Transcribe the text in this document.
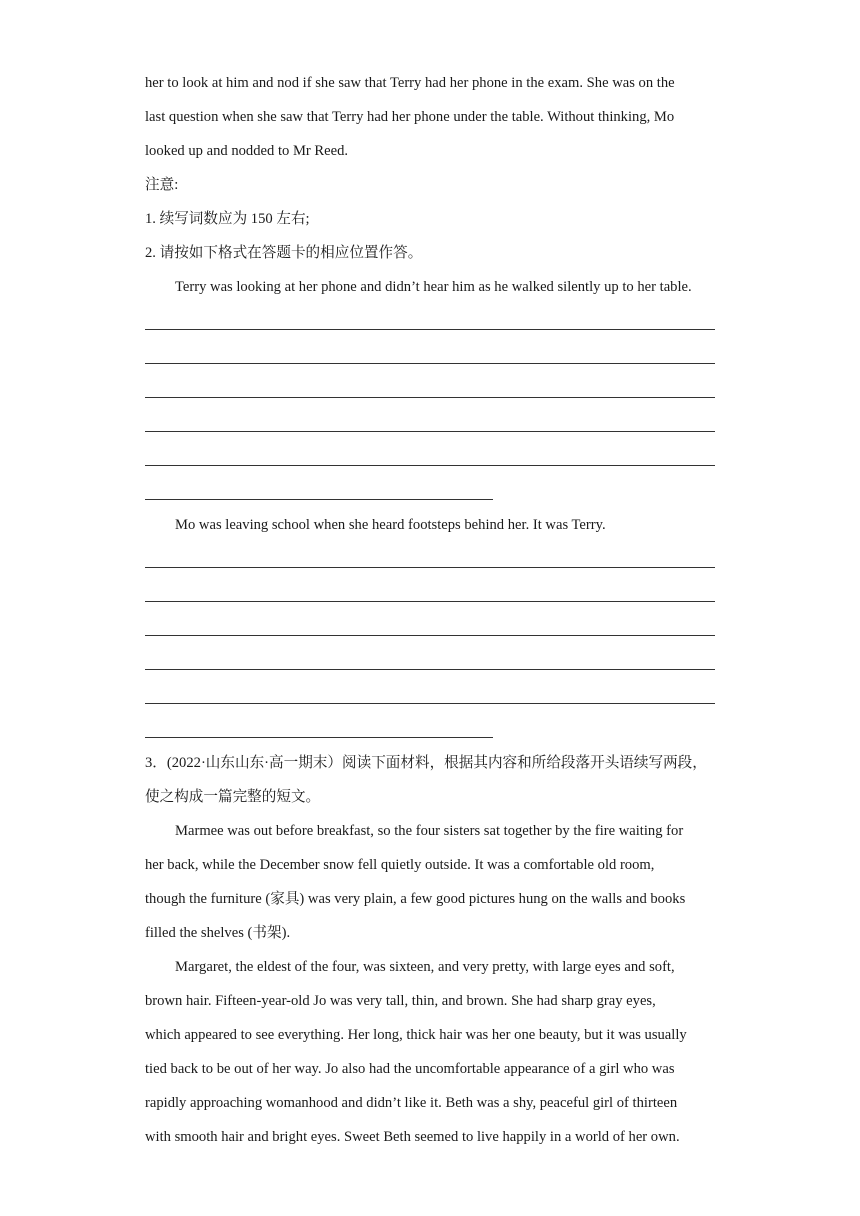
her to look at him and nod if she saw that Terry had her phone in the exam. She was on the
last question when she saw that Terry had her phone under the table. Without thinking, Mo
looked up and nodded to Mr Reed.
注意:
1. 续写词数应为 150 左右;
2. 请按如下格式在答题卡的相应位置作答。
Terry was looking at her phone and didn’t hear him as he walked silently up to her table.
Mo was leaving school when she heard footsteps behind her. It was Terry.
3．(2022·山东山东·高一期末）阅读下面材料，根据其内容和所给段落开头语续写两段，
使之构成一篇完整的短文。
Marmee was out before breakfast, so the four sisters sat together by the fire waiting for
her back, while the December snow fell quietly outside. It was a comfortable old room,
though the furniture (家具) was very plain, a few good pictures hung on the walls and books
filled the shelves (书架).
Margaret, the eldest of the four, was sixteen, and very pretty, with large eyes and soft,
brown hair. Fifteen-year-old Jo was very tall, thin, and brown. She had sharp gray eyes,
which appeared to see everything. Her long, thick hair was her one beauty, but it was usually
tied back to be out of her way. Jo also had the uncomfortable appearance of a girl who was
rapidly approaching womanhood and didn’t like it. Beth was a shy, peaceful girl of thirteen
with smooth hair and bright eyes. Sweet Beth seemed to live happily in a world of her own.
